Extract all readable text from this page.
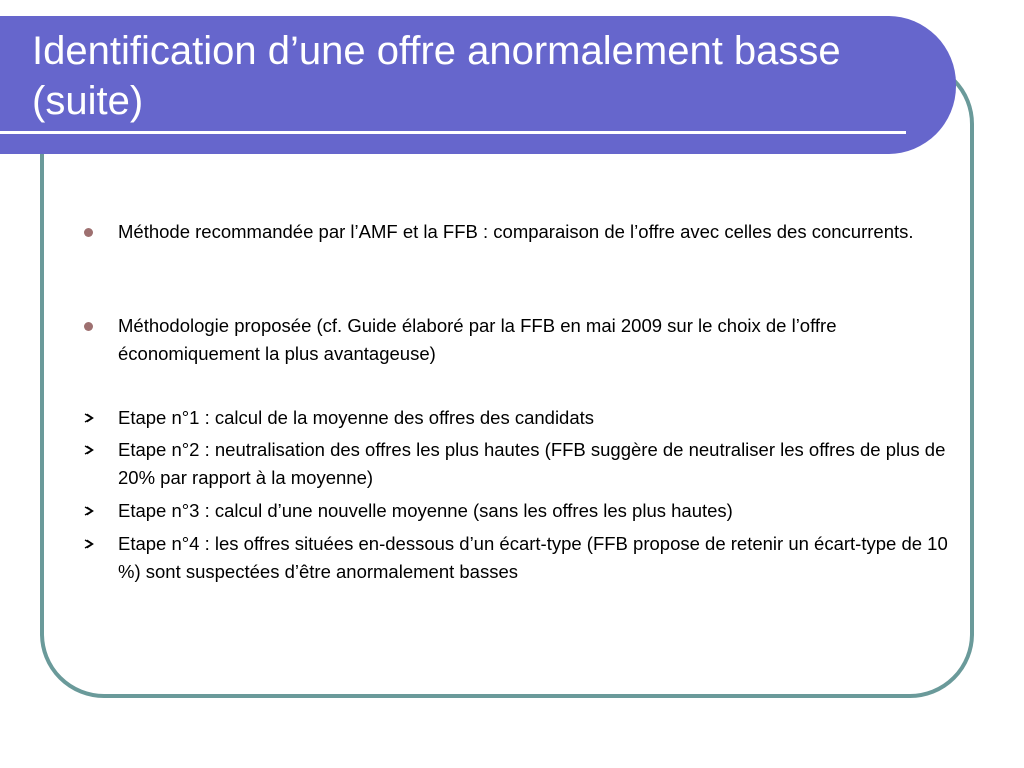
Identification d’une offre anormalement basse (suite)
Méthode recommandée par l’AMF et la FFB : comparaison de l’offre avec celles des concurrents.
Méthodologie proposée (cf. Guide élaboré par la FFB en mai 2009 sur le choix de l’offre économiquement la plus avantageuse)
Etape n°1 : calcul de la moyenne des offres des candidats
Etape n°2 : neutralisation des offres les plus hautes (FFB suggère de neutraliser les offres de plus de 20% par rapport à la moyenne)
Etape n°3 : calcul d’une nouvelle moyenne (sans les offres les plus hautes)
Etape n°4 : les offres situées en-dessous d’un écart-type (FFB propose de retenir un écart-type de 10 %) sont suspectées d’être anormalement basses
